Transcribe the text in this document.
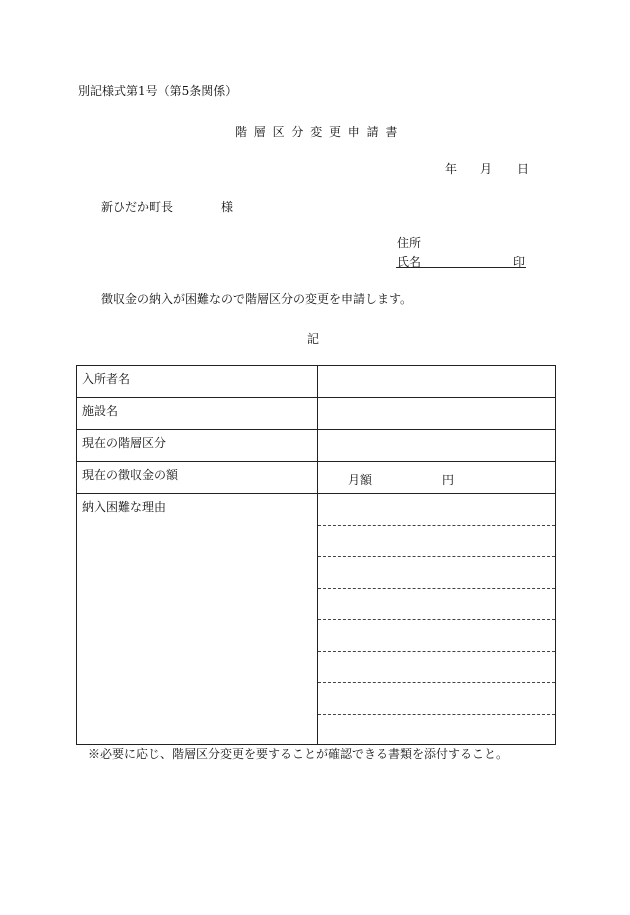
別記様式第1号（第5条関係）
階層区分変更申請書
年 月 日
新ひだか町長	様
住所
氏名	印
徴収金の納入が困難なので階層区分の変更を申請します。
記
入所者名	

施設名	

現在の階層区分	

現在の徴収金の額	月額 円

納入困難な理由	

※必要に応じ、階層区分変更を要することが確認できる書類を添付すること。
